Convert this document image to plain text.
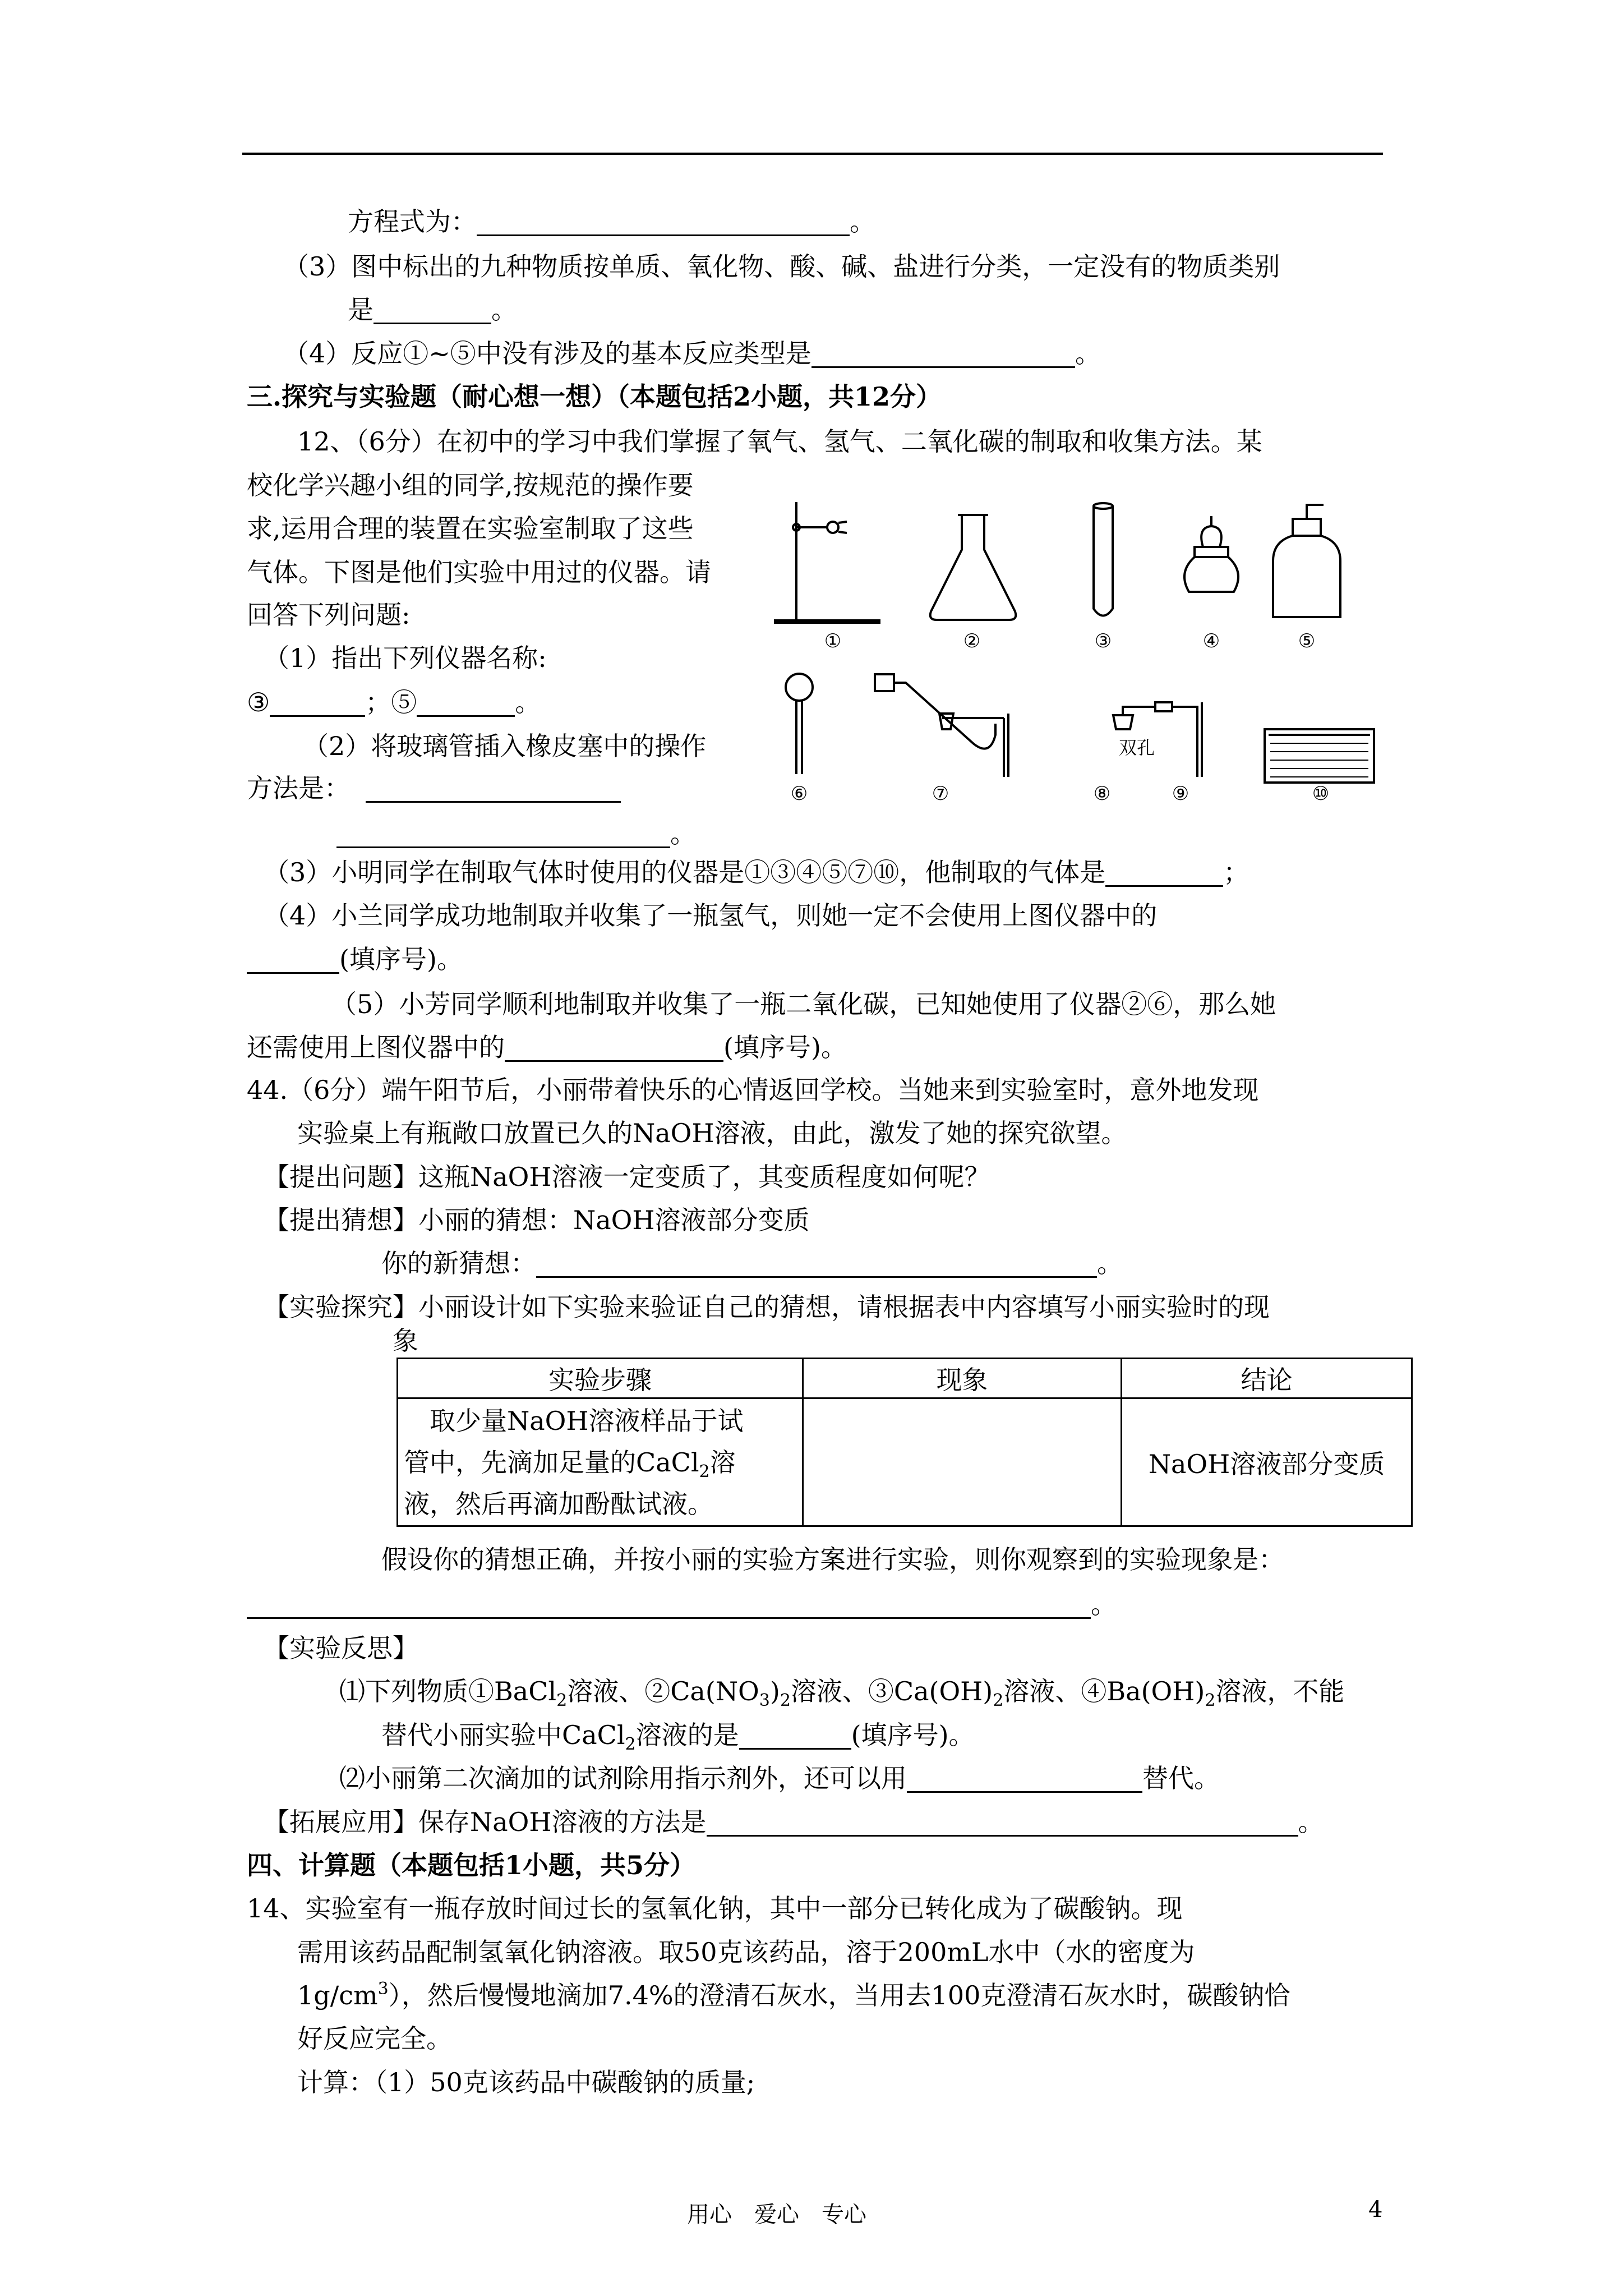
方程式为：	。
（3）图中标出的九种物质按单质、氧化物、酸、碱、盐进行分类，一定没有的物质类别
是	。
（4）反应①~⑤中没有涉及的基本反应类型是	。
三.探究与实验题（耐心想一想）（本题包括2小题，共12分）
12、（6分）在初中的学习中我们掌握了氧气、氢气、二氧化碳的制取和收集方法。某
校化学兴趣小组的同学,按规范的操作要
求,运用合理的装置在实验室制取了这些
气体。下图是他们实验中用过的仪器。请
回答下列问题:
（1）指出下列仪器名称:
③	；⑤	。
（2）将玻璃管插入橡皮塞中的操作
方法是：
。
①	②	③	④	⑤
⑥	⑦	⑧	⑨	⑩
双孔
（3）小明同学在制取气体时使用的仪器是①③④⑤⑦⑩，他制取的气体是	；
（4）小兰同学成功地制取并收集了一瓶氢气，则她一定不会使用上图仪器中的
(填序号)。
（5）小芳同学顺利地制取并收集了一瓶二氧化碳，已知她使用了仪器②⑥，那么她
还需使用上图仪器中的	(填序号)。
44.（6分）端午阳节后，小丽带着快乐的心情返回学校。当她来到实验室时，意外地发现
实验桌上有瓶敞口放置已久的NaOH溶液，由此，激发了她的探究欲望。
【提出问题】这瓶NaOH溶液一定变质了，其变质程度如何呢？
【提出猜想】小丽的猜想：NaOH溶液部分变质
你的新猜想：	。
【实验探究】小丽设计如下实验来验证自己的猜想，请根据表中内容填写小丽实验时的现
象
实验步骤	现象	结论

取少量NaOH溶液样品于试
管中，先滴加足量的CaCl$_2$溶
液，然后再滴加酚酞试液。		NaOH溶液部分变质
假设你的猜想正确，并按小丽的实验方案进行实验，则你观察到的实验现象是：
。
【实验反思】
⑴下列物质①BaCl$_2$溶液、$②Ca(NO_3)_2$溶液、$③Ca(OH)_2$溶液、$④Ba(OH)_2$溶液，不能
替代小丽实验中CaCl$_2$溶液的是	(填序号)。
⑵小丽第二次滴加的试剂除用指示剂外，还可以用	替代。
【拓展应用】保存NaOH溶液的方法是	。
四、计算题（本题包括1小题，共5分）
14、实验室有一瓶存放时间过长的氢氧化钠，其中一部分已转化成为了碳酸钠。现
需用该药品配制氢氧化钠溶液。取50克该药品，溶于200mL水中（水的密度为
$1g/cm^3$），然后慢慢地滴加7.4%的澄清石灰水，当用去100克澄清石灰水时，碳酸钠恰
好反应完全。
计算：（1）50克该药品中碳酸钠的质量;
用心　爱心　专心	4
